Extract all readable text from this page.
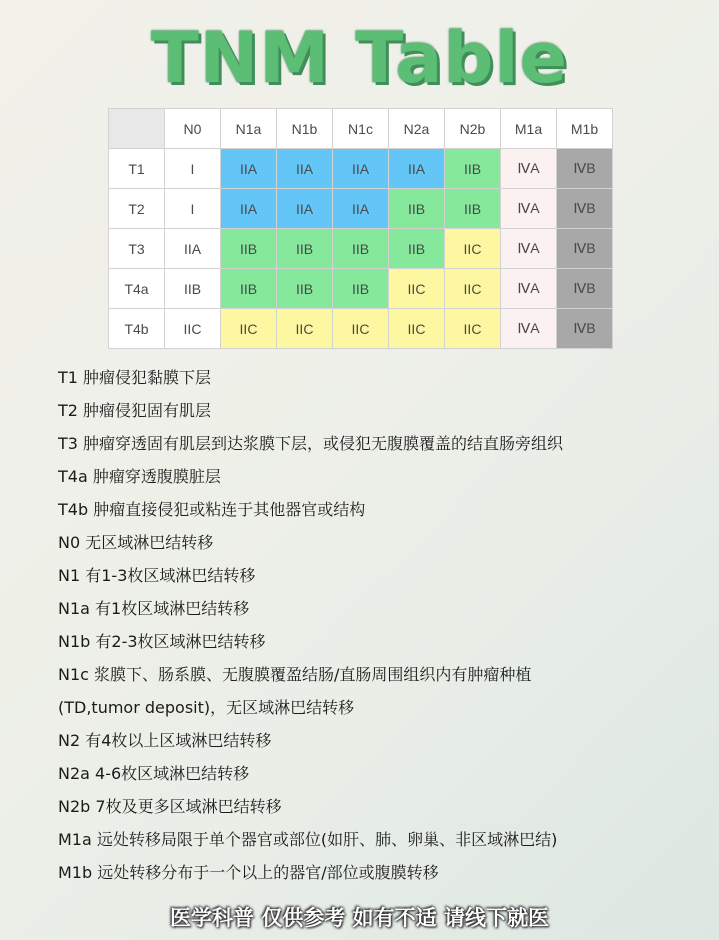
TNM Table
	N0	N1a	N1b	N1c	N2a	N2b	M1a	M1b
T1	I	IIA	IIA	IIA	IIA	IIB	ⅣA	ⅣB
T2	I	IIA	IIA	IIA	IIB	IIB	ⅣA	ⅣB
T3	IIA	IIB	IIB	IIB	IIB	IIC	ⅣA	ⅣB
T4a	IIB	IIB	IIB	IIB	IIC	IIC	ⅣA	ⅣB
T4b	IIC	IIC	IIC	IIC	IIC	IIC	ⅣA	ⅣB
T1 肿瘤侵犯黏膜下层
T2 肿瘤侵犯固有肌层
T3 肿瘤穿透固有肌层到达浆膜下层，或侵犯无腹膜覆盖的结直肠旁组织
T4a 肿瘤穿透腹膜脏层
T4b 肿瘤直接侵犯或粘连于其他器官或结构
N0 无区域淋巴结转移
N1 有1-3枚区域淋巴结转移
N1a 有1枚区域淋巴结转移
N1b 有2-3枚区域淋巴结转移
N1c 浆膜下、肠系膜、无腹膜覆盈结肠/直肠周围组织内有肿瘤种植
(TD,tumor deposit)，无区域淋巴结转移
N2 有4枚以上区域淋巴结转移
N2a 4-6枚区域淋巴结转移
N2b 7枚及更多区域淋巴结转移
M1a 远处转移局限于单个器官或部位(如肝、肺、卵巢、非区域淋巴结)
M1b 远处转移分布于一个以上的器官/部位或腹膜转移
医学科普 仅供参考 如有不适 请线下就医
